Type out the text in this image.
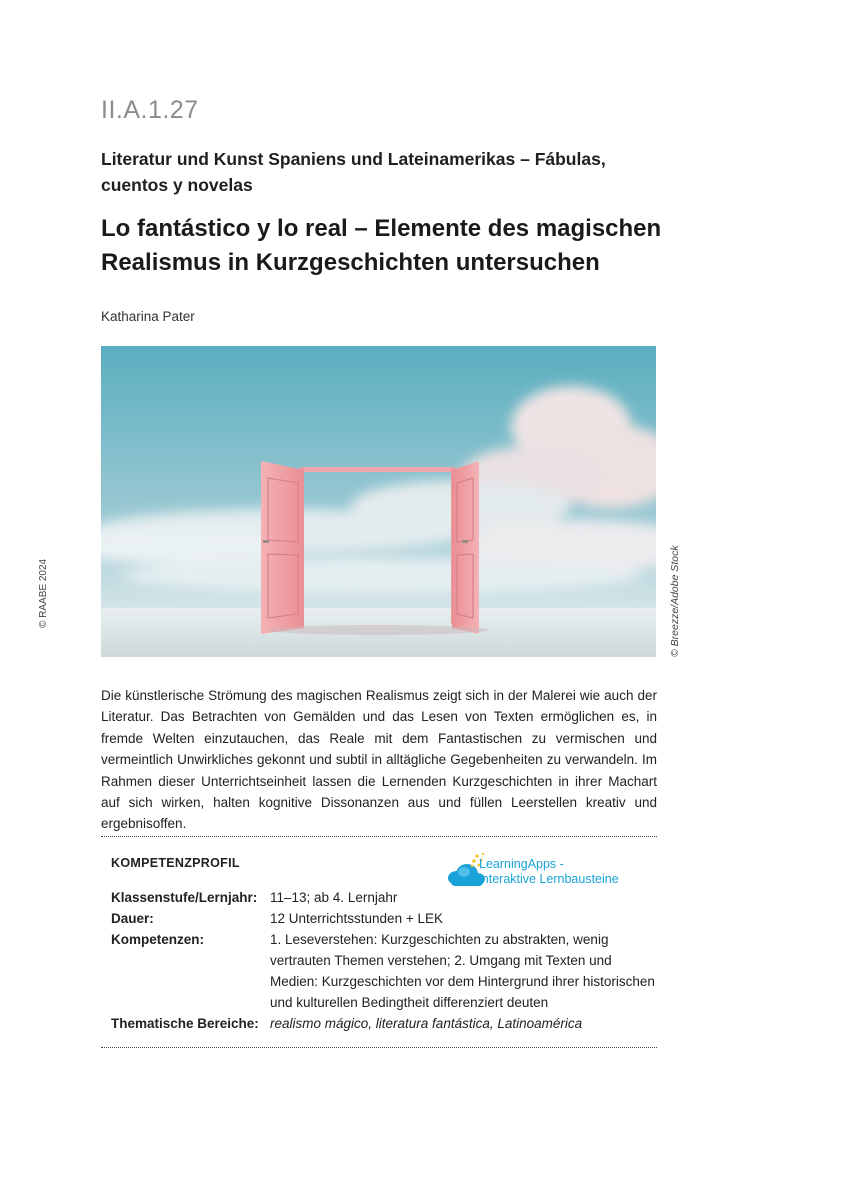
II.A.1.27
Literatur und Kunst Spaniens und Lateinamerikas – Fábulas, cuentos y novelas
Lo fantástico y lo real – Elemente des magischen Realismus in Kurzgeschichten untersuchen
Katharina Pater
© Breezze/Adobe Stock
© RAABE 2024
Die künstlerische Strömung des magischen Realismus zeigt sich in der Malerei wie auch der Literatur. Das Betrachten von Gemälden und das Lesen von Texten ermöglichen es, in fremde Welten einzutauchen, das Reale mit dem Fantastischen zu vermischen und vermeintlich Unwirkliches gekonnt und subtil in alltägliche Gegebenheiten zu verwandeln. Im Rahmen dieser Unterrichtseinheit lassen die Lernenden Kurzgeschichten in ihrer Machart auf sich wirken, halten kognitive Dissonanzen aus und füllen Leerstellen kreativ und ergebnisoffen.
KOMPETENZPROFIL	LearningApps -
interaktive Lernbausteine
Klassenstufe/Lernjahr: 11–13; ab 4. Lernjahr
Dauer:	12 Unterrichtsstunden + LEK
Kompetenzen:	1. Leseverstehen: Kurzgeschichten zu abstrakten, wenig vertrauten Themen verstehen; 2. Umgang mit Texten und Medien: Kurzgeschichten vor dem Hintergrund ihrer historischen und kulturellen Bedingtheit differenziert deuten
Thematische Bereiche: realismo mágico, literatura fantástica, Latinoamérica
